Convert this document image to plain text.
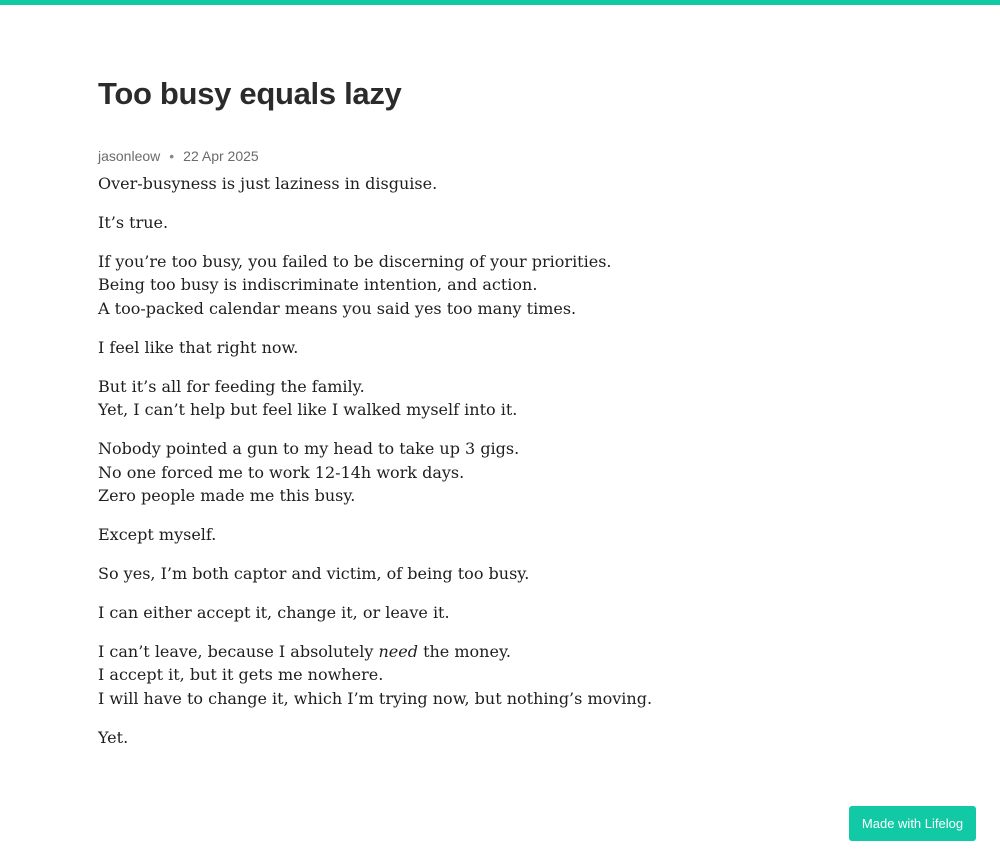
Too busy equals lazy
jasonleow • 22 Apr 2025

Over-busyness is just laziness in disguise.

It’s true.

If you’re too busy, you failed to be discerning of your priorities.
Being too busy is indiscriminate intention, and action.
A too-packed calendar means you said yes too many times.

I feel like that right now.

But it’s all for feeding the family.
Yet, I can’t help but feel like I walked myself into it.

Nobody pointed a gun to my head to take up 3 gigs.
No one forced me to work 12-14h work days.
Zero people made me this busy.

Except myself.

So yes, I’m both captor and victim, of being too busy.

I can either accept it, change it, or leave it.

I can’t leave, because I absolutely need the money.
I accept it, but it gets me nowhere.
I will have to change it, which I’m trying now, but nothing’s moving.

Yet.

Made with Lifelog
